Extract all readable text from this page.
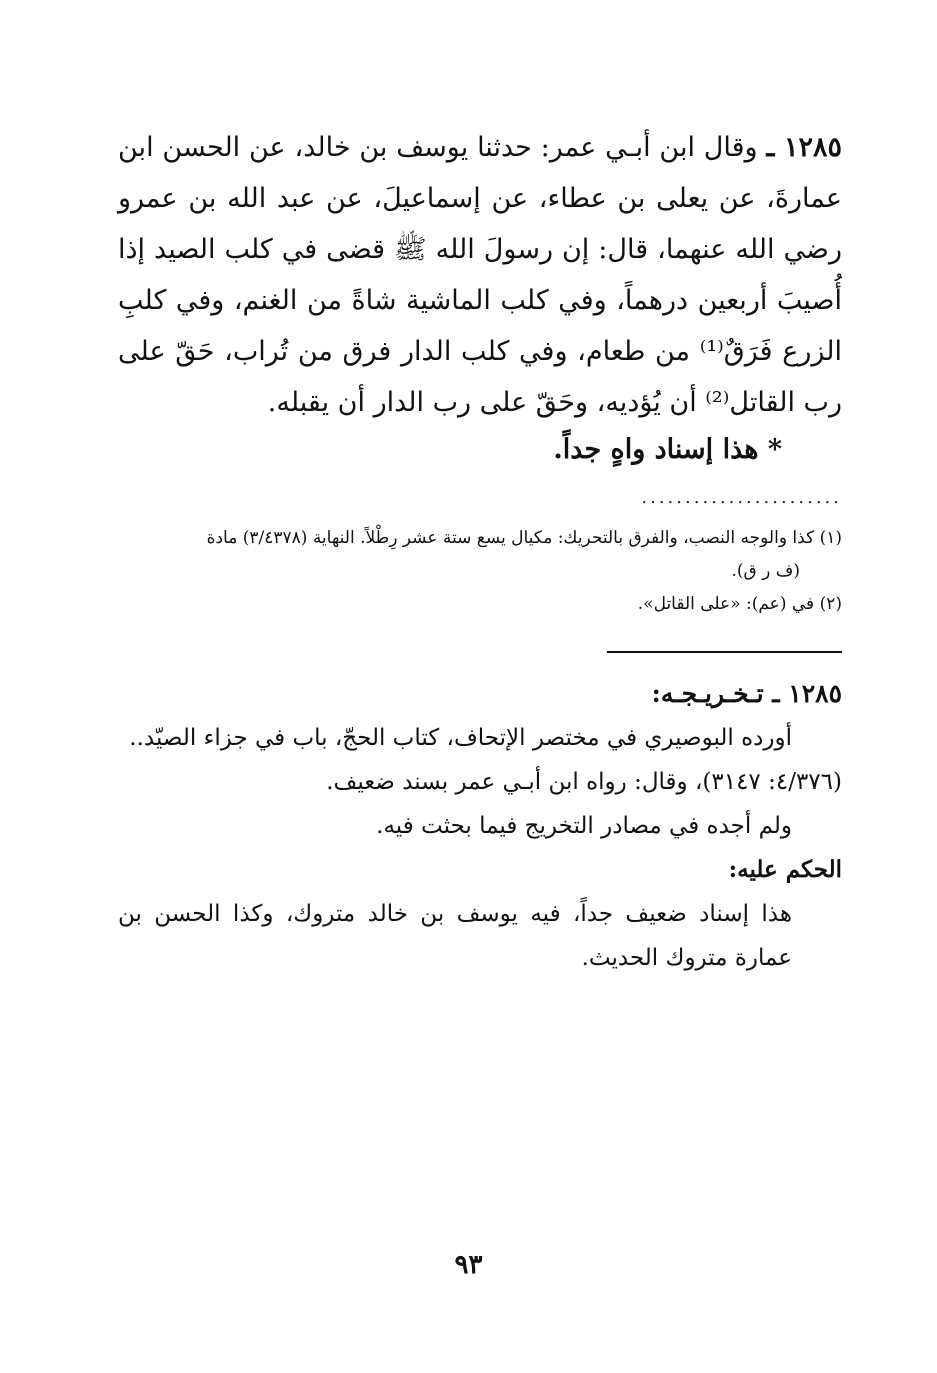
١٢٨٥ ـ وقال ابن أبـي عمر: حدثنا يوسف بن خالد، عن الحسن ابن عمارةَ، عن يعلى بن عطاء، عن إسماعيلَ، عن عبد الله بن عمرو رضي الله عنهما، قال: إن رسولَ الله ﷺ قضى في كلب الصيد إذا أُصيبَ أربعين درهماً، وفي كلب الماشية شاةً من الغنم، وفي كلبِ الزرع فَرَقٌ⁽¹⁾ من طعام، وفي كلب الدار فرق من تُراب، حَقّ على رب القاتل⁽²⁾ أن يُؤديه، وحَقّ على رب الدار أن يقبله.

* هذا إسناد واهٍ جداً.
.......................

(١) كذا والوجه النصب، والفرق بالتحريك: مكيال يسع ستة عشر رِطْلاً. النهاية (٣/٤٣٧٨) مادة

(ف ر ق).

(٢) في (عم): «على القاتل».

١٢٨٥ ـ تـخـريـجـه:

أورده البوصيري في مختصر الإتحاف، كتاب الحجّ، باب في جزاء الصيّد..

(٤/٣٧٦: ٣١٤٧)، وقال: رواه ابن أبـي عمر بسند ضعيف.

ولم أجده في مصادر التخريج فيما بحثت فيه.

الحكم عليه:

هذا إسناد ضعيف جداً، فيه يوسف بن خالد متروك، وكذا الحسن بن عمارة متروك الحديث.

٩٣
